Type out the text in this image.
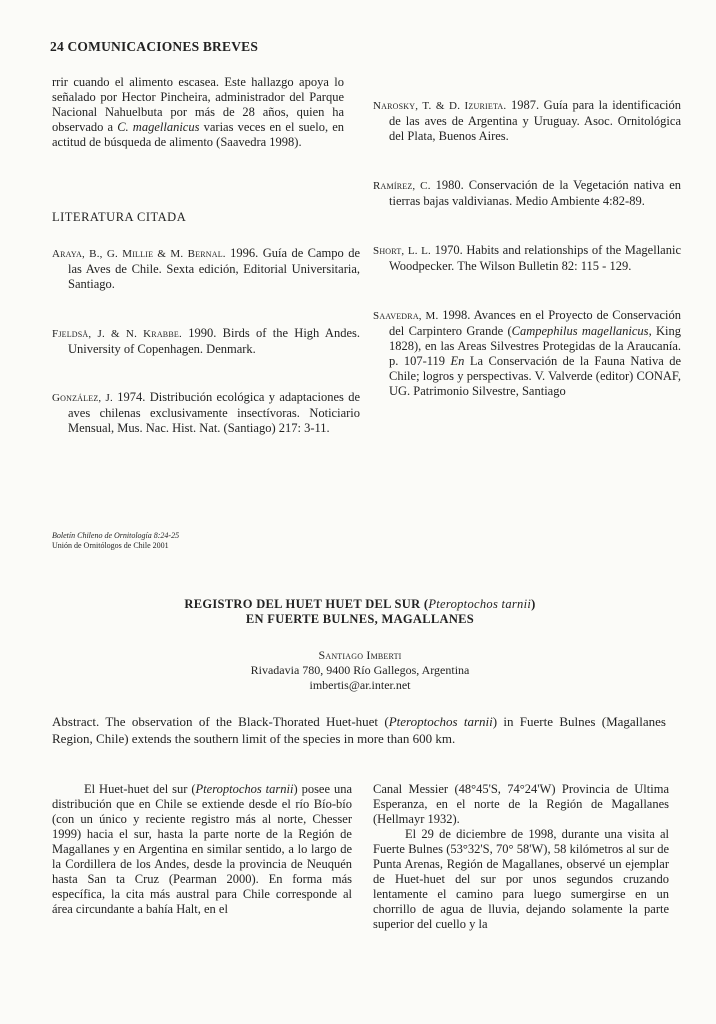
24 COMUNICACIONES BREVES
rrir cuando el alimento escasea. Este hallazgo apoya lo señalado por Hector Pincheira, administrador del Parque Nacional Nahuelbuta por más de 28 años, quien ha observado a C. magellanicus varias veces en el suelo, en actitud de búsqueda de alimento (Saavedra 1998).
LITERATURA CITADA
Araya, B., G. Millie & M. Bernal. 1996. Guía de Campo de las Aves de Chile. Sexta edición, Editorial Universitaria, Santiago.
Fjeldså, J. & N. Krabbe. 1990. Birds of the High Andes. University of Copenhagen. Denmark.
González, J. 1974. Distribución ecológica y adaptaciones de aves chilenas exclusivamente insectívoras. Noticiario Mensual, Mus. Nac. Hist. Nat. (Santiago) 217: 3-11.
Narosky, T. & D. Izurieta. 1987. Guía para la identificación de las aves de Argentina y Uruguay. Asoc. Ornitológica del Plata, Buenos Aires.
Ramírez, C. 1980. Conservación de la Vegetación nativa en tierras bajas valdivianas. Medio Ambiente 4:82-89.
Short, L. L. 1970. Habits and relationships of the Magellanic Woodpecker. The Wilson Bulletin 82: 115 - 129.
Saavedra, M. 1998. Avances en el Proyecto de Conservación del Carpintero Grande (Campephilus magellanicus, King 1828), en las Areas Silvestres Protegidas de la Araucanía. p. 107-119 En La Conservación de la Fauna Nativa de Chile; logros y perspectivas. V. Valverde (editor) CONAF, UG. Patrimonio Silvestre, Santiago
Boletín Chileno de Ornitología 8:24-25
Unión de Ornitólogos de Chile 2001
REGISTRO DEL HUET HUET DEL SUR (Pteroptochos tarnii)
EN FUERTE BULNES, MAGALLANES
Santiago Imberti
Rivadavia 780, 9400 Río Gallegos, Argentina
imbertis@ar.inter.net
Abstract. The observation of the Black-Thorated Huet-huet (Pteroptochos tarnii) in Fuerte Bulnes (Magallanes Region, Chile) extends the southern limit of the species in more than 600 km.
El Huet-huet del sur (Pteroptochos tarnii) posee una distribución que en Chile se extiende desde el río Bío-bío (con un único y reciente registro más al norte, Chesser 1999) hacia el sur, hasta la parte norte de la Región de Magallanes y en Argentina en similar sentido, a lo largo de la Cordillera de los Andes, desde la provincia de Neuquén hasta San ta Cruz (Pearman 2000). En forma más específica, la cita más austral para Chile corresponde al área circundante a bahía Halt, en el
Canal Messier (48°45'S, 74°24'W) Provincia de Ultima Esperanza, en el norte de la Región de Magallanes (Hellmayr 1932).
El 29 de diciembre de 1998, durante una visita al Fuerte Bulnes (53°32'S, 70° 58'W), 58 kilómetros al sur de Punta Arenas, Región de Magallanes, observé un ejemplar de Huet-huet del sur por unos segundos cruzando lentamente el camino para luego sumergirse en un chorrillo de agua de lluvia, dejando solamente la parte superior del cuello y la
